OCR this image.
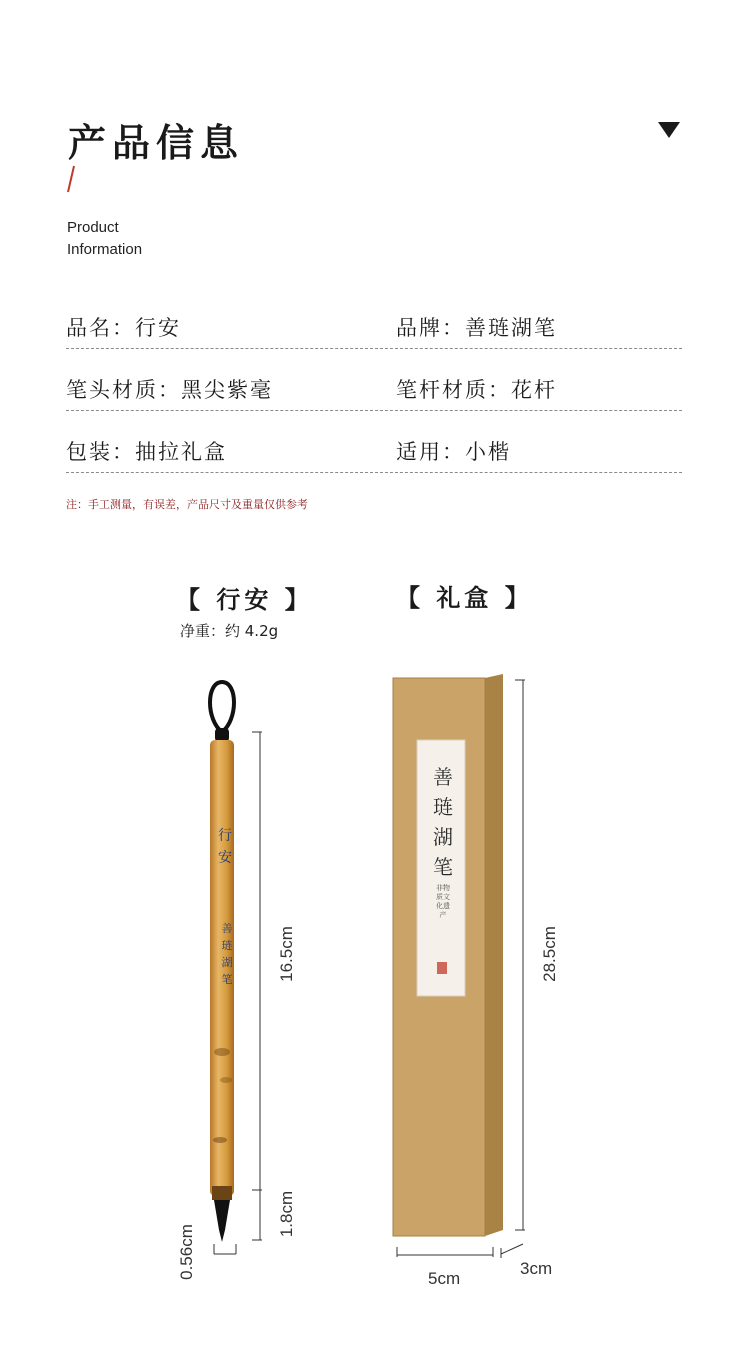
产品信息
Product
Information
品名：行安	品牌：善琏湖笔
笔头材质：黑尖紫毫	笔杆材质：花杆
包装：抽拉礼盒	适用：小楷
注：手工测量，有误差，产品尺寸及重量仅供参考
【 行安 】
净重：约 4.2g
【 礼盒 】
行
安
善
琏
湖
笔	16.5cm
1.8cm
0.56cm
善
琏
湖
笔
非物质文化遗产
28.5cm
5cm
3cm
